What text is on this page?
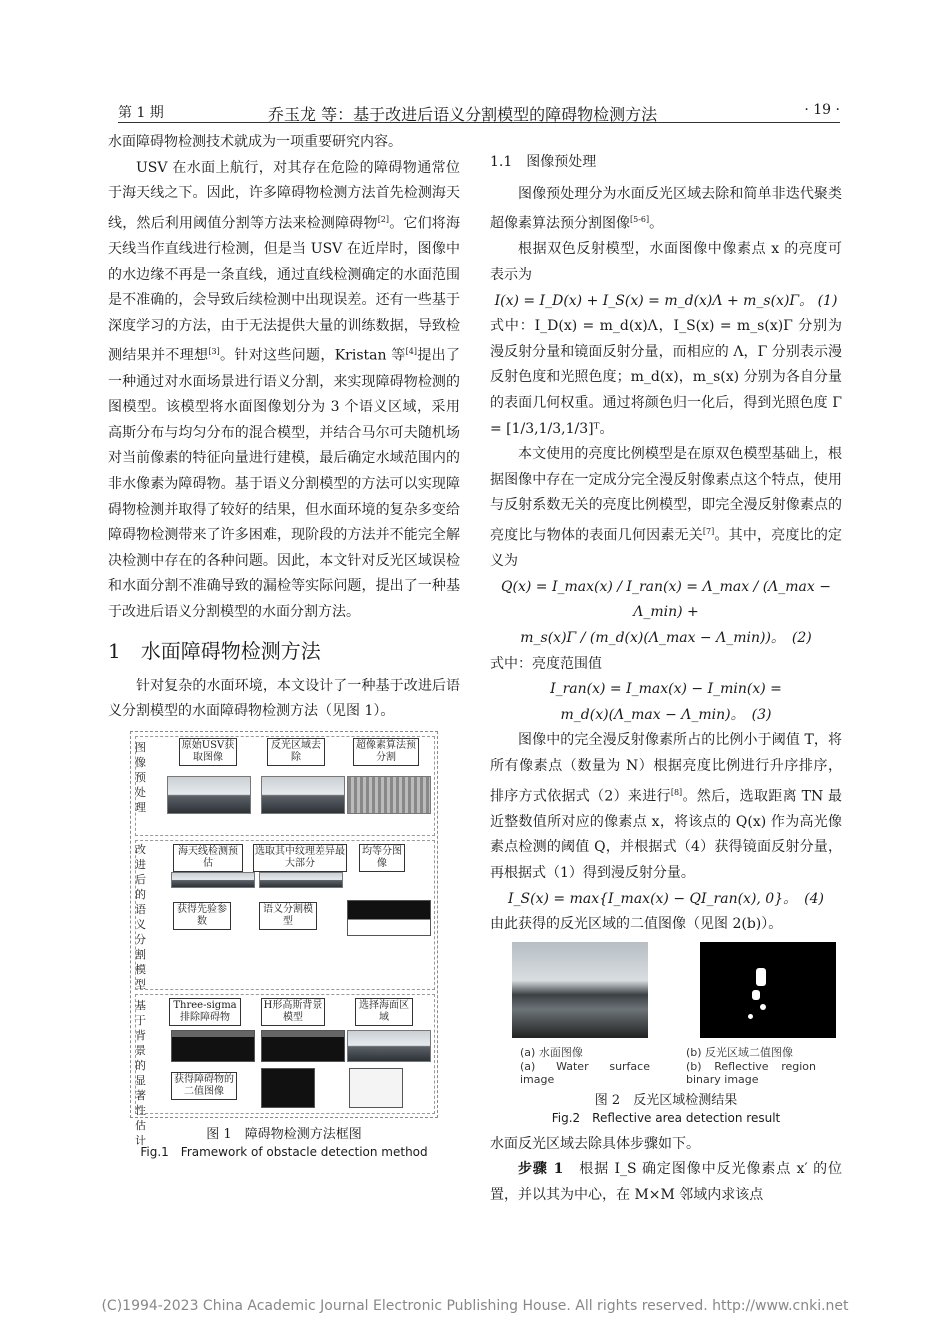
第 1 期	乔玉龙 等：基于改进后语义分割模型的障碍物检测方法	· 19 ·

水面障碍物检测技术就成为一项重要研究内容。

USV 在水面上航行，对其存在危险的障碍物通常位于海天线之下。因此，许多障碍物检测方法首先检测海天线，然后利用阈值分割等方法来检测障碍物[2]。它们将海天线当作直线进行检测，但是当 USV 在近岸时，图像中的水边缘不再是一条直线，通过直线检测确定的水面范围是不准确的，会导致后续检测中出现误差。还有一些基于深度学习的方法，由于无法提供大量的训练数据，导致检测结果并不理想[3]。针对这些问题，Kristan 等[4]提出了一种通过对水面场景进行语义分割，来实现障碍物检测的图模型。该模型将水面图像划分为 3 个语义区域，采用高斯分布与均匀分布的混合模型，并结合马尔可夫随机场对当前像素的特征向量进行建模，最后确定水域范围内的非水像素为障碍物。基于语义分割模型的方法可以实现障碍物检测并取得了较好的结果，但水面环境的复杂多变给障碍物检测带来了许多困难，现阶段的方法并不能完全解决检测中存在的各种问题。因此，本文针对反光区域误检和水面分割不准确导致的漏检等实际问题，提出了一种基于改进后语义分割模型的水面分割方法。

1　水面障碍物检测方法

针对复杂的水面环境，本文设计了一种基于改进后语义分割模型的水面障碍物检测方法（见图 1）。

图像预处理
原始USV获取图像
反光区域去除
超像素算法预分割
改进后的语义分割模型
海天线检测预估
选取其中纹理差异最大部分
均等分图像
获得先验参数
语义分割模型
基于背景的显著性估计
Three-sigma排除障碍物
H形高斯背景模型
选择海面区域
获得障碍物的二值图像
图 1　障碍物检测方法框图
Fig.1　Framework of obstacle detection method
1.1　图像预处理

图像预处理分为水面反光区域去除和简单非迭代聚类超像素算法预分割图像[5-6]。

根据双色反射模型，水面图像中像素点 x 的亮度可表示为

I(x) = I_D(x) + I_S(x) = m_d(x)Λ + m_s(x)Γ。 (1)

式中：I_D(x) = m_d(x)Λ，I_S(x) = m_s(x)Γ 分别为漫反射分量和镜面反射分量，而相应的 Λ，Γ 分别表示漫反射色度和光照色度；m_d(x)，m_s(x) 分别为各自分量的表面几何权重。通过将颜色归一化后，得到光照色度 Γ = [1/3,1/3,1/3]ᵀ。

本文使用的亮度比例模型是在原双色模型基础上，根据图像中存在一定成分完全漫反射像素点这个特点，使用与反射系数无关的亮度比例模型，即完全漫反射像素点的亮度比与物体的表面几何因素无关[7]。其中，亮度比的定义为

Q(x) = I_max(x) / I_ran(x) = Λ_max / (Λ_max − Λ_min) +

m_s(x)Γ / (m_d(x)(Λ_max − Λ_min))。　(2)

式中：亮度范围值

I_ran(x) = I_max(x) − I_min(x) =

m_d(x)(Λ_max − Λ_min)。　(3)

图像中的完全漫反射像素所占的比例小于阈值 T，将所有像素点（数量为 N）根据亮度比例进行升序排序，排序方式依据式（2）来进行[8]。然后，选取距离 TN 最近整数值所对应的像素点 x，将该点的 Q(x) 作为高光像素点检测的阈值 Q，并根据式（4）获得镜面反射分量，再根据式（1）得到漫反射分量。

I_S(x) = max{I_max(x) − QI_ran(x), 0}。　(4)

由此获得的反光区域的二值图像（见图 2(b)）。

(a) 水面图像
(a) Water surface image
(b) 反光区域二值图像
(b) Reflective region binary image
图 2　反光区域检测结果
Fig.2　Reflective area detection result

水面反光区域去除具体步骤如下。

步骤 1　 根据 I_S 确定图像中反光像素点 x′ 的位置，并以其为中心，在 M×M 邻域内求该点

(C)1994-2023 China Academic Journal Electronic Publishing House. All rights reserved. http://www.cnki.net
